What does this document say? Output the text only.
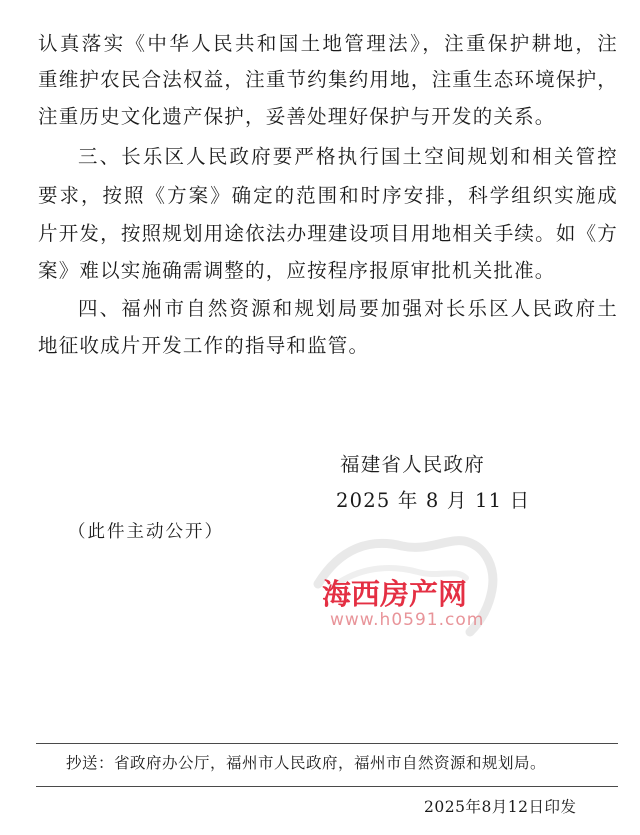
认真落实《中华人民共和国土地管理法》，注重保护耕地，注
重维护农民合法权益，注重节约集约用地，注重生态环境保护，
注重历史文化遗产保护，妥善处理好保护与开发的关系。
三、长乐区人民政府要严格执行国土空间规划和相关管控
要求，按照《方案》确定的范围和时序安排，科学组织实施成
片开发，按照规划用途依法办理建设项目用地相关手续。如《方
案》难以实施确需调整的，应按程序报原审批机关批准。
四、福州市自然资源和规划局要加强对长乐区人民政府土
地征收成片开发工作的指导和监管。
福建省人民政府
2025 年 8 月 11 日
（此件主动公开）
海西房产网
www.h0591.com
抄送：省政府办公厅，福州市人民政府，福州市自然资源和规划局。
2025年8月12日印发
